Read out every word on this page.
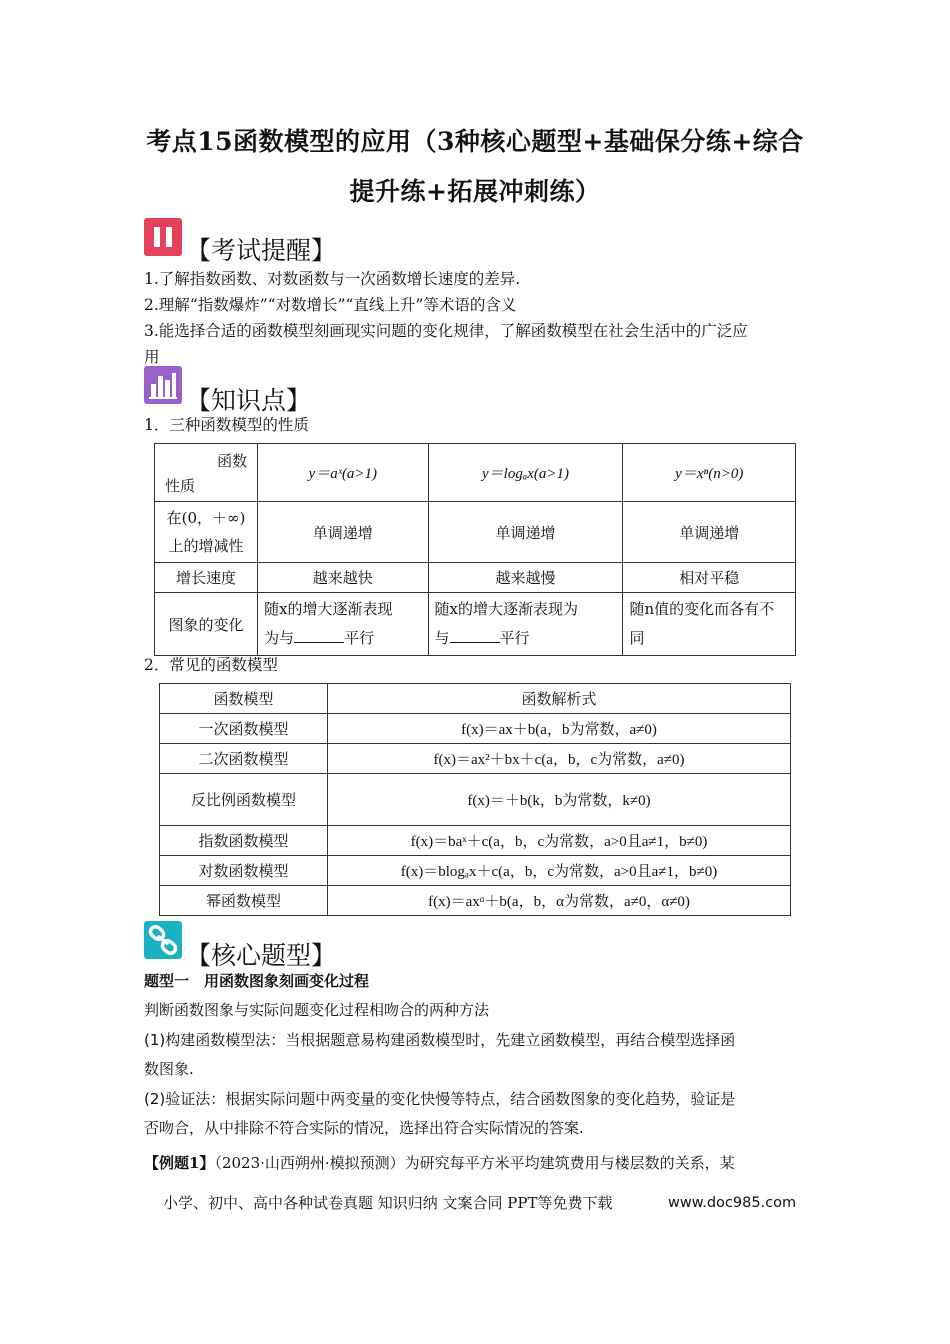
考点15函数模型的应用（3种核心题型+基础保分练+综合
提升练+拓展冲刺练）
【考试提醒】
1.了解指数函数、对数函数与一次函数增长速度的差异.
2.理解“指数爆炸”“对数增长”“直线上升”等术语的含义
3.能选择合适的函数模型刻画现实问题的变化规律，了解函数模型在社会生活中的广泛应
用
【知识点】
1．三种函数模型的性质
函数
性质	y＝aˣ(a>1)	y＝logₐx(a>1)	y＝xⁿ(n>0)
在(0，＋∞)上的增减性	单调递增	单调递增	单调递增
增长速度	越来越快	越来越慢	相对平稳
图象的变化	随x的增大逐渐表现
为与 平行	随x的增大逐渐表现为
与 平行	随n值的变化而各有不同
2．常见的函数模型
函数模型	函数解析式
一次函数模型	f(x)＝ax＋b(a，b为常数，a≠0)
二次函数模型	f(x)＝ax²＋bx＋c(a，b，c为常数，a≠0)
反比例函数模型	f(x)＝＋b(k，b为常数，k≠0)
指数函数模型	f(x)＝baˣ＋c(a，b，c为常数，a>0且a≠1，b≠0)
对数函数模型	f(x)＝blogₐx＋c(a，b，c为常数，a>0且a≠1，b≠0)
幂函数模型	f(x)＝axᵅ＋b(a，b，α为常数，a≠0，α≠0)
【核心题型】
题型一　用函数图象刻画变化过程
判断函数图象与实际问题变化过程相吻合的两种方法
(1)构建函数模型法：当根据题意易构建函数模型时，先建立函数模型，再结合模型选择函
数图象.
(2)验证法：根据实际问题中两变量的变化快慢等特点，结合函数图象的变化趋势，验证是
否吻合，从中排除不符合实际的情况，选择出符合实际情况的答案.
【例题1】（2023·山西朔州·模拟预测）为研究每平方米平均建筑费用与楼层数的关系，某
小学、初中、高中各种试卷真题 知识归纳 文案合同 PPT等免费下载	www.doc985.com
